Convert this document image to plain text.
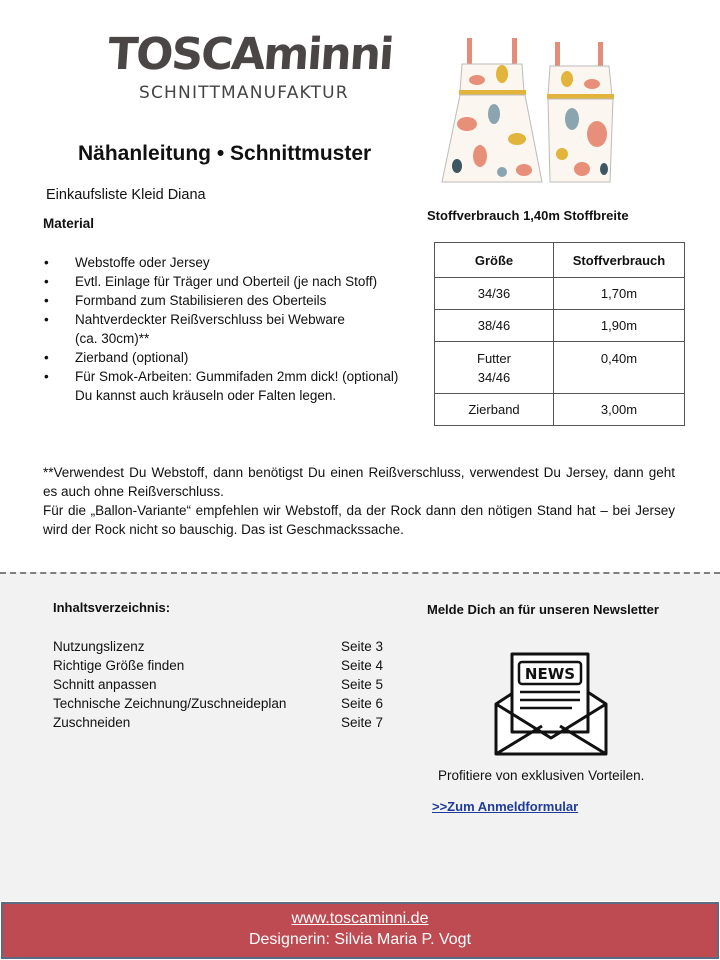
TOSCAminni
SCHNITTMANUFAKTUR
Nähanleitung • Schnittmuster
Einkaufsliste Kleid Diana
Material
• Webstoffe oder Jersey
• Evtl. Einlage für Träger und Oberteil (je nach Stoff)
• Formband zum Stabilisieren des Oberteils
• Nahtverdeckter Reißverschluss bei Webware
(ca. 30cm)**
• Zierband (optional)
• Für Smok-Arbeiten: Gummifaden 2mm dick! (optional) Du kannst auch kräuseln oder Falten legen.
Stoffverbrauch 1,40m Stoffbreite
Größe	Stoffverbrauch
34/36	1,70m
38/46	1,90m
Futter
34/46	0,40m
Zierband	3,00m

**Verwendest Du Webstoff, dann benötigst Du einen Reißverschluss, verwendest Du Jersey, dann geht es auch ohne Reißverschluss.

Für die „Ballon-Variante“ empfehlen wir Webstoff, da der Rock dann den nötigen Stand hat – bei Jersey wird der Rock nicht so bauschig. Das ist Geschmackssache.

Inhaltsverzeichnis:
Nutzungslizenz	Seite 3
Richtige Größe finden	Seite 4
Schnitt anpassen	Seite 5
Technische Zeichnung/Zuschneideplan	Seite 6
Zuschneiden	Seite 7
Melde Dich an für unseren Newsletter
NEWS
Profitiere von exklusiven Vorteilen.
>>Zum Anmeldformular
www.toscaminni.de
Designerin: Silvia Maria P. Vogt
